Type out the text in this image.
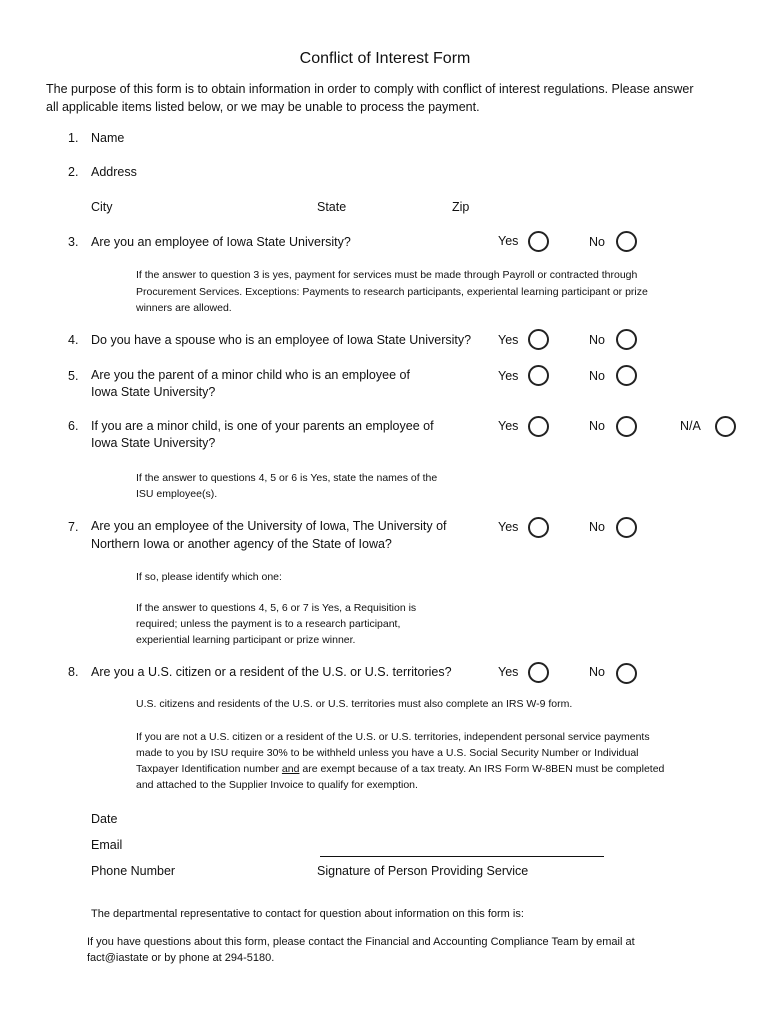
Conflict of Interest Form
The purpose of this form is to obtain information in order to comply with conflict of interest regulations. Please answer
all applicable items listed below, or we may be unable to process the payment.
1. Name
2. Address
City	State	Zip
3. Are you an employee of Iowa State University?	Yes	No
If the answer to question 3 is yes, payment for services must be made through Payroll or contracted through
Procurement Services. Exceptions: Payments to research participants, experiental learning participant or prize
winners are allowed.
4. Do you have a spouse who is an employee of Iowa State University? Yes	No
5. Are you the parent of a minor child who is an employee of
Iowa State University?
Yes	No
6. If you are a minor child, is one of your parents an employee of
Iowa State University?
Yes	No	N/A
If the answer to questions 4, 5 or 6 is Yes, state the names of the
ISU employee(s).
7. Are you an employee of the University of Iowa, The University of
Northern Iowa or another agency of the State of Iowa?
Yes	No
If so, please identify which one:
If the answer to questions 4, 5, 6 or 7 is Yes, a Requisition is
required; unless the payment is to a research participant,
experiential learning participant or prize winner.
8. Are you a U.S. citizen or a resident of the U.S. or U.S. territories?	Yes	No
U.S. citizens and residents of the U.S. or U.S. territories must also complete an IRS W-9 form.
If you are not a U.S. citizen or a resident of the U.S. or U.S. territories, independent personal service payments
made to you by ISU require 30% to be withheld unless you have a U.S. Social Security Number or Individual
Taxpayer Identification number and are exempt because of a tax treaty. An IRS Form W-8BEN must be completed
and attached to the Supplier Invoice to qualify for exemption.
Date
Email
Phone Number	Signature of Person Providing Service
The departmental representative to contact for question about information on this form is:
If you have questions about this form, please contact the Financial and Accounting Compliance Team by email at
fact@iastate or by phone at 294-5180.
